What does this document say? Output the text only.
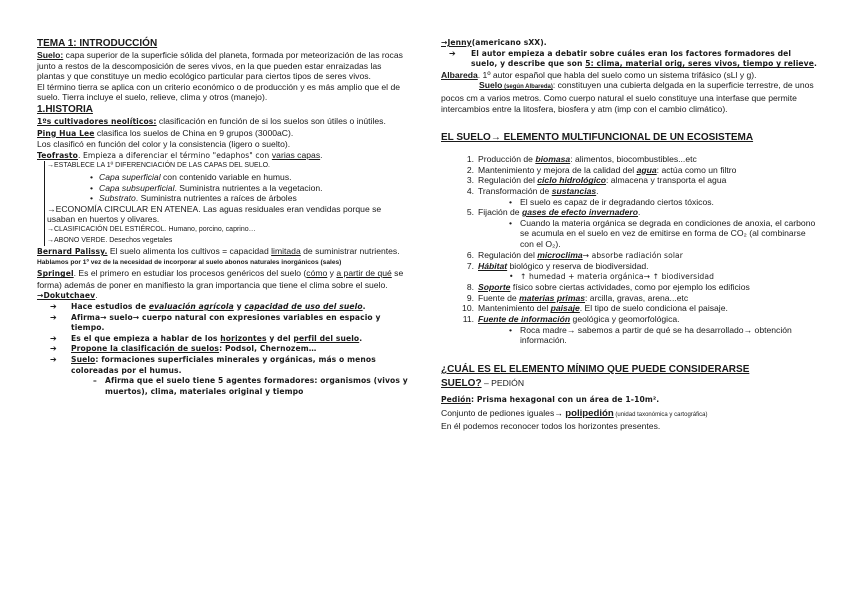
TEMA 1: INTRODUCCIÓN

Suelo: capa superior de la superficie sólida del planeta, formada por meteorización de las rocas junto a restos de la descomposición de seres vivos, en la que pueden estar enraizadas las plantas y que constituye un medio ecológico particular para ciertos tipos de seres vivos.

El término tierra se aplica con un criterio económico o de producción y es más amplio que el de suelo. Tierra incluye el suelo, relieve, clima y otros (manejo).

1.HISTORIA

1ºs cultivadores neolíticos: clasificación en función de si los suelos son útiles o inútiles.

Ping Hua Lee clasifica los suelos de China en 9 grupos (3000aC).

Los clasificó en función del color y la consistencia (ligero o suelto).

Teofrasto. Empieza a diferenciar el término "edaphos" con varias capas.

→ESTABLECE LA 1º DIFERENCIACIÓN DE LAS CAPAS DEL SUELO.

• Capa superficial con contenido variable en humus.

• Capa subsuperficial. Suministra nutrientes a la vegetacion.

• Substrato. Suministra nutrientes a raíces de árboles

→ECONOMÍA CIRCULAR EN ATENEA. Las aguas residuales eran vendidas porque se usaban en huertos y olivares.

→CLASIFICACIÓN DEL ESTIÉRCOL. Humano, porcino, caprino…

→ABONO VERDE. Desechos vegetales

Bernard Palissy. El suelo alimenta los cultivos = capacidad limitada de suministrar nutrientes.

Hablamos por 1º vez de la necesidad de incorporar al suelo abonos naturales inorgánicos (sales)

Springel. Es el primero en estudiar los procesos genéricos del suelo (cómo y a partir de qué se forma) además de poner en manifiesto la gran importancia que tiene el clima sobre el suelo.

→Dokutchaev.

➔ Hace estudios de evaluación agrícola y capacidad de uso del suelo.
➔ Afirma→ suelo→ cuerpo natural con expresiones variables en espacio y tiempo.
➔ Es el que empieza a hablar de los horizontes y del perfil del suelo.
➔ Propone la clasificación de suelos: Podsol, Chernozem…
➔ Suelo: formaciones superficiales minerales y orgánicas, más o menos coloreadas por el humus.

– Afirma que el suelo tiene 5 agentes formadores: organismos (vivos y muertos), clima, materiales original y tiempo

→Jenny(americano sXX).

➔ El autor empieza a debatir sobre cuáles eran los factores formadores del suelo, y describe que son 5: clima, material orig, seres vivos, tiempo y relieve.

Albareda. 1º autor español que habla del suelo como un sistema trifásico (sLl y g).

Suelo (según Albareda): constituyen una cubierta delgada en la superficie terrestre, de unos pocos cm a varios metros. Como cuerpo natural el suelo constituye una interfase que permite intercambios entre la litosfera, biosfera y atm (imp con el cambio climático).

EL SUELO→ ELEMENTO MULTIFUNCIONAL DE UN ECOSISTEMA

1. Producción de biomasa: alimentos, biocombustibles...etc
2. Mantenimiento y mejora de la calidad del agua: actúa como un filtro
3. Regulación del ciclo hidrológico: almacena y transporta el agua
4. Transformación de sustancias.

• El suelo es capaz de ir degradando ciertos tóxicos.

5. Fijación de gases de efecto invernadero.

• Cuando la materia orgánica se degrada en condiciones de anoxia, el carbono se acumula en el suelo en vez de emitirse en forma de CO₂ (al combinarse con el O₂).

6. Regulación del microclima→ absorbe radiación solar
7. Hábitat biológico y reserva de biodiversidad.

• ↑ humedad + materia orgánica→ ↑ biodiversidad

8. Soporte físico sobre ciertas actividades, como por ejemplo los edificios
9. Fuente de materias primas: arcilla, gravas, arena...etc
10. Mantenimiento del paisaje. El tipo de suelo condiciona el paisaje.
11. Fuente de información geológica y geomorfológica.

• Roca madre→ sabemos a partir de qué se ha desarrollado→ obtención información.

¿CUÁL ES EL ELEMENTO MÍNIMO QUE PUEDE CONSIDERARSE

SUELO? – PEDIÓN

Pedión: Prisma hexagonal con un área de 1-10m².

Conjunto de pediones iguales→ polipedión (unidad taxonómica y cartográfica)

En él podemos reconocer todos los horizontes presentes.
